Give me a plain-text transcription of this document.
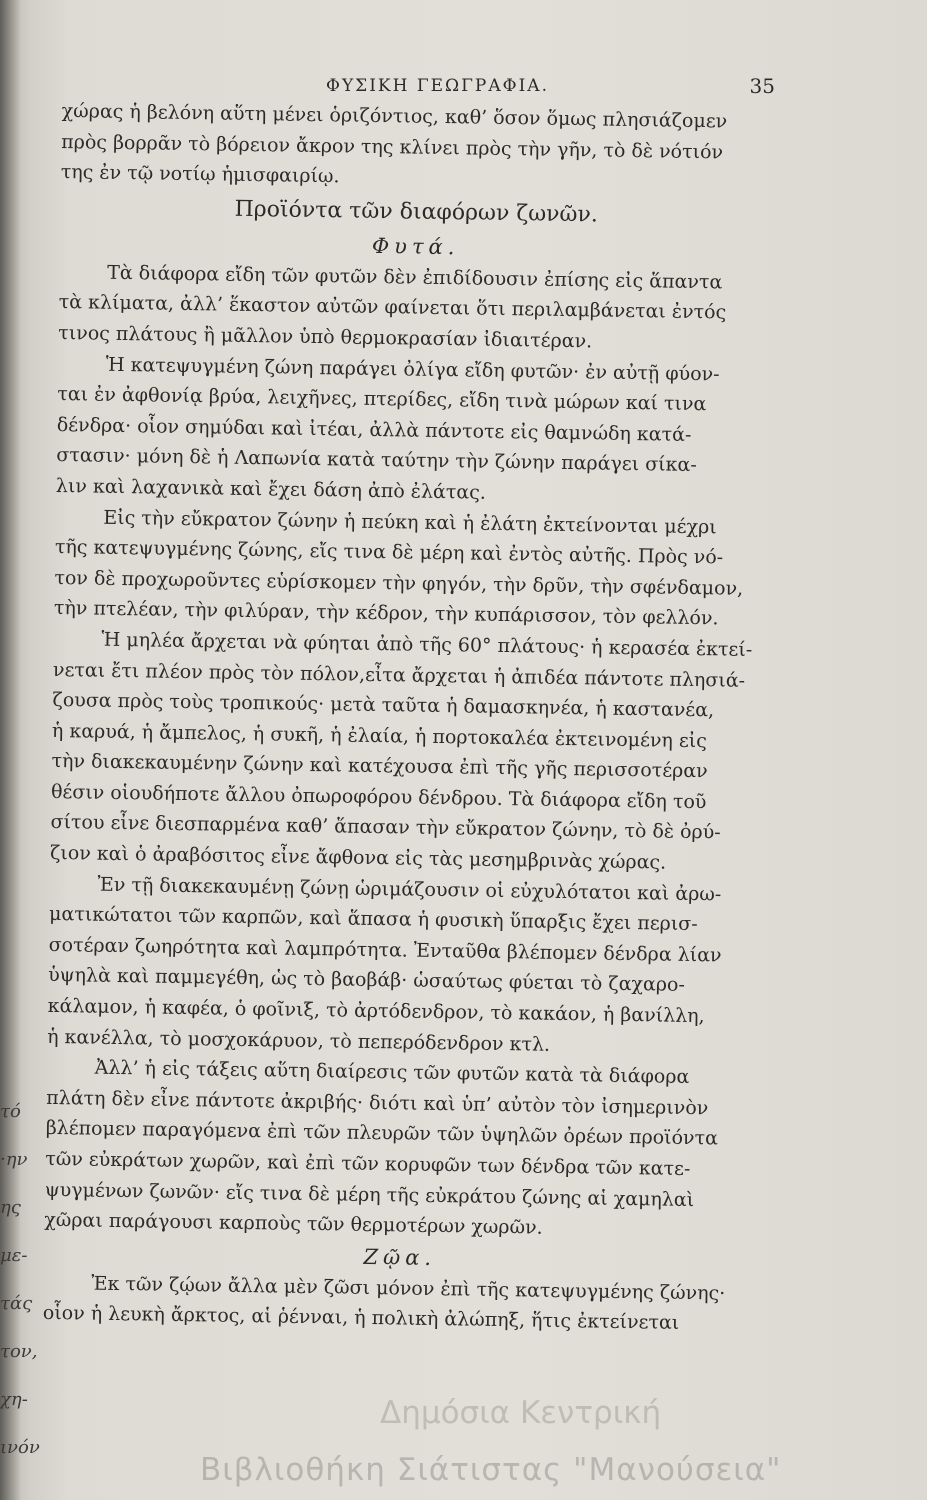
τό
·ην
ης
με-
τάς
τον,
χη-
ινόν
ΦΥΣΙΚΗ ΓΕΩΓΡΑΦΙΑ.	35
χώρας ἡ βελόνη αὕτη μένει ὁριζόντιος, καθ’ ὅσον ὅμως πλησιάζομεν
πρὸς βορρᾶν τὸ βόρειον ἄκρον της κλίνει πρὸς τὴν γῆν, τὸ δὲ νότιόν
της ἐν τῷ νοτίῳ ἡμισφαιρίῳ.
Προϊόντα τῶν διαφόρων ζωνῶν.
Φυτά.
Τὰ διάφορα εἴδη τῶν φυτῶν δὲν ἐπιδίδουσιν ἐπίσης εἰς ἅπαντα
τὰ κλίματα, ἀλλ’ ἕκαστον αὐτῶν φαίνεται ὅτι περιλαμβάνεται ἐντός
τινος πλάτους ἢ μᾶλλον ὑπὸ θερμοκρασίαν ἰδιαιτέραν.
Ἡ κατεψυγμένη ζώνη παράγει ὀλίγα εἴδη φυτῶν· ἐν αὐτῇ φύον-
ται ἐν ἀφθονίᾳ βρύα, λειχῆνες, πτερίδες, εἴδη τινὰ μώρων καί τινα
δένδρα· οἷον σημύδαι καὶ ἰτέαι, ἀλλὰ πάντοτε εἰς θαμνώδη κατά-
στασιν· μόνη δὲ ἡ Λαπωνία κατὰ ταύτην τὴν ζώνην παράγει σίκα-
λιν καὶ λαχανικὰ καὶ ἔχει δάση ἀπὸ ἐλάτας.
Εἰς τὴν εὔκρατον ζώνην ἡ πεύκη καὶ ἡ ἐλάτη ἐκτείνονται μέχρι
τῆς κατεψυγμένης ζώνης, εἴς τινα δὲ μέρη καὶ ἐντὸς αὐτῆς. Πρὸς νό-
τον δὲ προχωροῦντες εὑρίσκομεν τὴν φηγόν, τὴν δρῦν, τὴν σφένδαμον,
τὴν πτελέαν, τὴν φιλύραν, τὴν κέδρον, τὴν κυπάρισσον, τὸν φελλόν.
Ἡ μηλέα ἄρχεται νὰ φύηται ἀπὸ τῆς 60° πλάτους· ἡ κερασέα ἐκτεί-
νεται ἔτι πλέον πρὸς τὸν πόλον,εἶτα ἄρχεται ἡ ἀπιδέα πάντοτε πλησιά-
ζουσα πρὸς τοὺς τροπικούς· μετὰ ταῦτα ἡ δαμασκηνέα, ἡ καστανέα,
ἡ καρυά, ἡ ἄμπελος, ἡ συκῆ, ἡ ἐλαία, ἡ πορτοκαλέα ἐκτεινομένη εἰς
τὴν διακεκαυμένην ζώνην καὶ κατέχουσα ἐπὶ τῆς γῆς περισσοτέραν
θέσιν οἱουδήποτε ἄλλου ὀπωροφόρου δένδρου. Τὰ διάφορα εἴδη τοῦ
σίτου εἶνε διεσπαρμένα καθ’ ἅπασαν τὴν εὔκρατον ζώνην, τὸ δὲ ὀρύ-
ζιον καὶ ὁ ἀραβόσιτος εἶνε ἄφθονα εἰς τὰς μεσημβρινὰς χώρας.
Ἐν τῇ διακεκαυμένῃ ζώνῃ ὡριμάζουσιν οἱ εὐχυλότατοι καὶ ἀρω-
ματικώτατοι τῶν καρπῶν, καὶ ἅπασα ἡ φυσικὴ ὕπαρξις ἔχει περισ-
σοτέραν ζωηρότητα καὶ λαμπρότητα. Ἐνταῦθα βλέπομεν δένδρα λίαν
ὑψηλὰ καὶ παμμεγέθη, ὡς τὸ βαοβάβ· ὡσαύτως φύεται τὸ ζαχαρο-
κάλαμον, ἡ καφέα, ὁ φοῖνιξ, τὸ ἀρτόδενδρον, τὸ κακάον, ἡ βανίλλη,
ἡ κανέλλα, τὸ μοσχοκάρυον, τὸ πεπερόδενδρον κτλ.
Ἀλλ’ ἡ εἰς τάξεις αὕτη διαίρεσις τῶν φυτῶν κατὰ τὰ διάφορα
πλάτη δὲν εἶνε πάντοτε ἀκριβής· διότι καὶ ὑπ’ αὐτὸν τὸν ἰσημερινὸν
βλέπομεν παραγόμενα ἐπὶ τῶν πλευρῶν τῶν ὑψηλῶν ὀρέων προϊόντα
τῶν εὐκράτων χωρῶν, καὶ ἐπὶ τῶν κορυφῶν των δένδρα τῶν κατε-
ψυγμένων ζωνῶν· εἴς τινα δὲ μέρη τῆς εὐκράτου ζώνης αἱ χαμηλαὶ
χῶραι παράγουσι καρποὺς τῶν θερμοτέρων χωρῶν.
Ζῷα.
Ἐκ τῶν ζῴων ἄλλα μὲν ζῶσι μόνον ἐπὶ τῆς κατεψυγμένης ζώνης·
οἷον ἡ λευκὴ ἄρκτος, αἱ ῥένναι, ἡ πολικὴ ἀλώπηξ, ἥτις ἐκτείνεται
Δημόσια Κεντρική
Βιβλιοθήκη Σιάτιστας "Μανούσεια"
